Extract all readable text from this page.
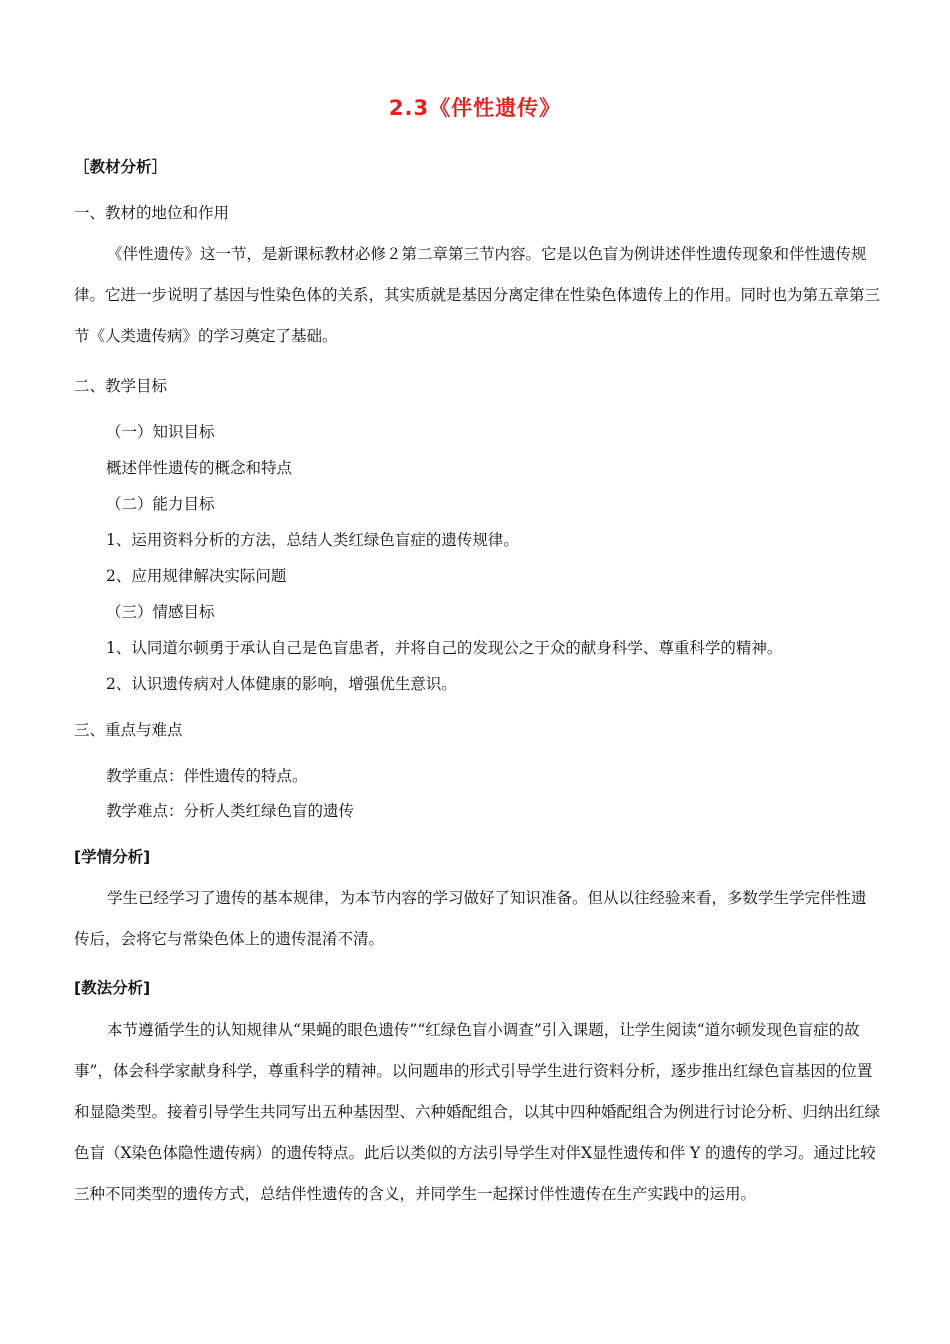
2.3《伴性遗传》
［教材分析］
一、教材的地位和作用
《伴性遗传》这一节，是新课标教材必修２第二章第三节内容。它是以色盲为例讲述伴性遗传现象和伴性遗传规律。它进一步说明了基因与性染色体的关系，其实质就是基因分离定律在性染色体遗传上的作用。同时也为第五章第三节《人类遗传病》的学习奠定了基础。
二、教学目标
（一）知识目标
概述伴性遗传的概念和特点
（二）能力目标
1、运用资料分析的方法，总结人类红绿色盲症的遗传规律。
2、应用规律解决实际问题
（三）情感目标
1、认同道尔顿勇于承认自己是色盲患者，并将自己的发现公之于众的献身科学、尊重科学的精神。
2、认识遗传病对人体健康的影响，增强优生意识。
三、重点与难点
教学重点：伴性遗传的特点。
教学难点：分析人类红绿色盲的遗传
[学情分析]
学生已经学习了遗传的基本规律，为本节内容的学习做好了知识准备。但从以往经验来看，多数学生学完伴性遗传后，会将它与常染色体上的遗传混淆不清。
[教法分析]
本节遵循学生的认知规律从“果蝇的眼色遗传”“红绿色盲小调查”引入课题，让学生阅读“道尔顿发现色盲症的故事”，体会科学家献身科学，尊重科学的精神。以问题串的形式引导学生进行资料分析，逐步推出红绿色盲基因的位置和显隐类型。接着引导学生共同写出五种基因型、六种婚配组合，以其中四种婚配组合为例进行讨论分析、归纳出红绿色盲（X染色体隐性遗传病）的遗传特点。此后以类似的方法引导学生对伴X显性遗传和伴 Y 的遗传的学习。通过比较三种不同类型的遗传方式，总结伴性遗传的含义，并同学生一起探讨伴性遗传在生产实践中的运用。
